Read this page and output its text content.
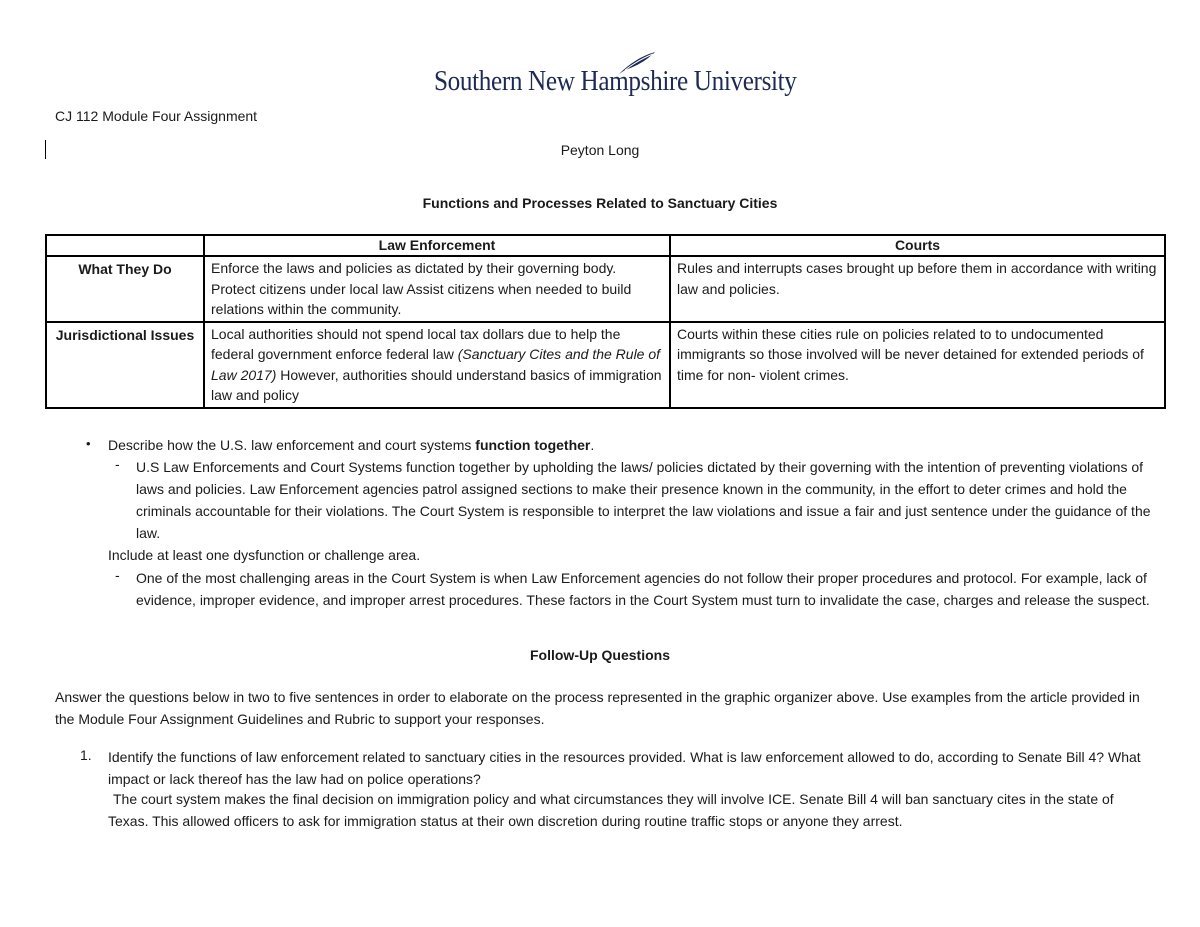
Southern New Hampshire University
CJ 112 Module Four Assignment
Peyton Long
Functions and Processes Related to Sanctuary Cities
	Law Enforcement	Courts
What They Do	Enforce the laws and policies as dictated by their governing body. Protect citizens under local law Assist citizens when needed to build relations within the community.	Rules and interrupts cases brought up before them in accordance with writing law and policies.
Jurisdictional Issues	Local authorities should not spend local tax dollars due to help the federal government enforce federal law (Sanctuary Cites and the Rule of Law 2017) However, authorities should understand basics of immigration law and policy	Courts within these cities rule on policies related to to undocumented immigrants so those involved will be never detained for extended periods of time for non- violent crimes.
• Describe how the U.S. law enforcement and court systems function together.
- U.S Law Enforcements and Court Systems function together by upholding the laws/ policies dictated by their governing with the intention of preventing violations of laws and policies. Law Enforcement agencies patrol assigned sections to make their presence known in the community, in the effort to deter crimes and hold the criminals accountable for their violations. The Court System is responsible to interpret the law violations and issue a fair and just sentence under the guidance of the law.
Include at least one dysfunction or challenge area.
- One of the most challenging areas in the Court System is when Law Enforcement agencies do not follow their proper procedures and protocol. For example, lack of evidence, improper evidence, and improper arrest procedures. These factors in the Court System must turn to invalidate the case, charges and release the suspect.
Follow-Up Questions
Answer the questions below in two to five sentences in order to elaborate on the process represented in the graphic organizer above. Use examples from the article provided in the Module Four Assignment Guidelines and Rubric to support your responses.
1. Identify the functions of law enforcement related to sanctuary cities in the resources provided. What is law enforcement allowed to do, according to Senate Bill 4? What impact or lack thereof has the law had on police operations?
The court system makes the final decision on immigration policy and what circumstances they will involve ICE. Senate Bill 4 will ban sanctuary cites in the state of Texas. This allowed officers to ask for immigration status at their own discretion during routine traffic stops or anyone they arrest.
